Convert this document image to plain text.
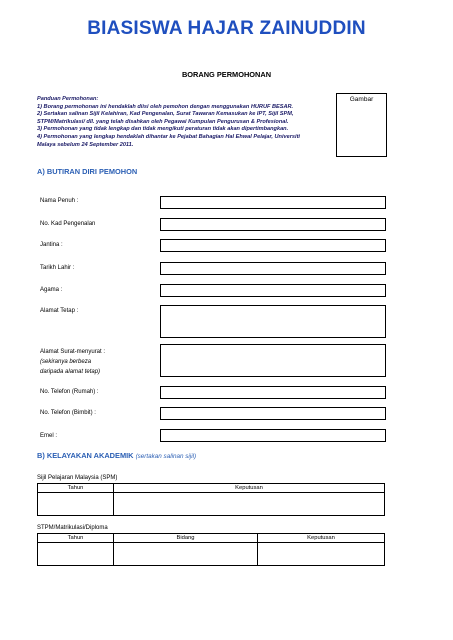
BIASISWA HAJAR ZAINUDDIN
BORANG PERMOHONAN
Panduan Permohonan:
1) Borang permohonan ini hendaklah diisi oleh pemohon dengan menggunakan HURUF BESAR.
2) Sertakan salinan Sijil Kelahiran, Kad Pengenalan, Surat Tawaran Kemasukan ke IPT, Sijil SPM,
STPM/Matrikulasi/ dll. yang telah disahkan oleh Pegawai Kumpulan Pengurusan & Profesional.
3) Permohonan yang tidak lengkap dan tidak mengikuti peraturan tidak akan dipertimbangkan.
4) Permohonan yang lengkap hendaklah dihantar ke Pejabat Bahagian Hal Ehwal Pelajar, Universiti
Malaya sebelum 24 September 2011.
Gambar
A) BUTIRAN DIRI PEMOHON
Nama Penuh :
No. Kad Pengenalan
Jantina :
Tarikh Lahir :
Agama :
Alamat Tetap :
Alamat Surat-menyurat :
(sekiranya berbeza
daripada alamat tetap)
No. Telefon (Rumah) :
No. Telefon (Bimbit) :
Emel :
B) KELAYAKAN AKADEMIK (sertakan salinan sijil)
Sijil Pelajaran Malaysia (SPM)
Tahun	Keputusan

STPM/Matrikulasi/Diploma
Tahun	Bidang	Keputusan
